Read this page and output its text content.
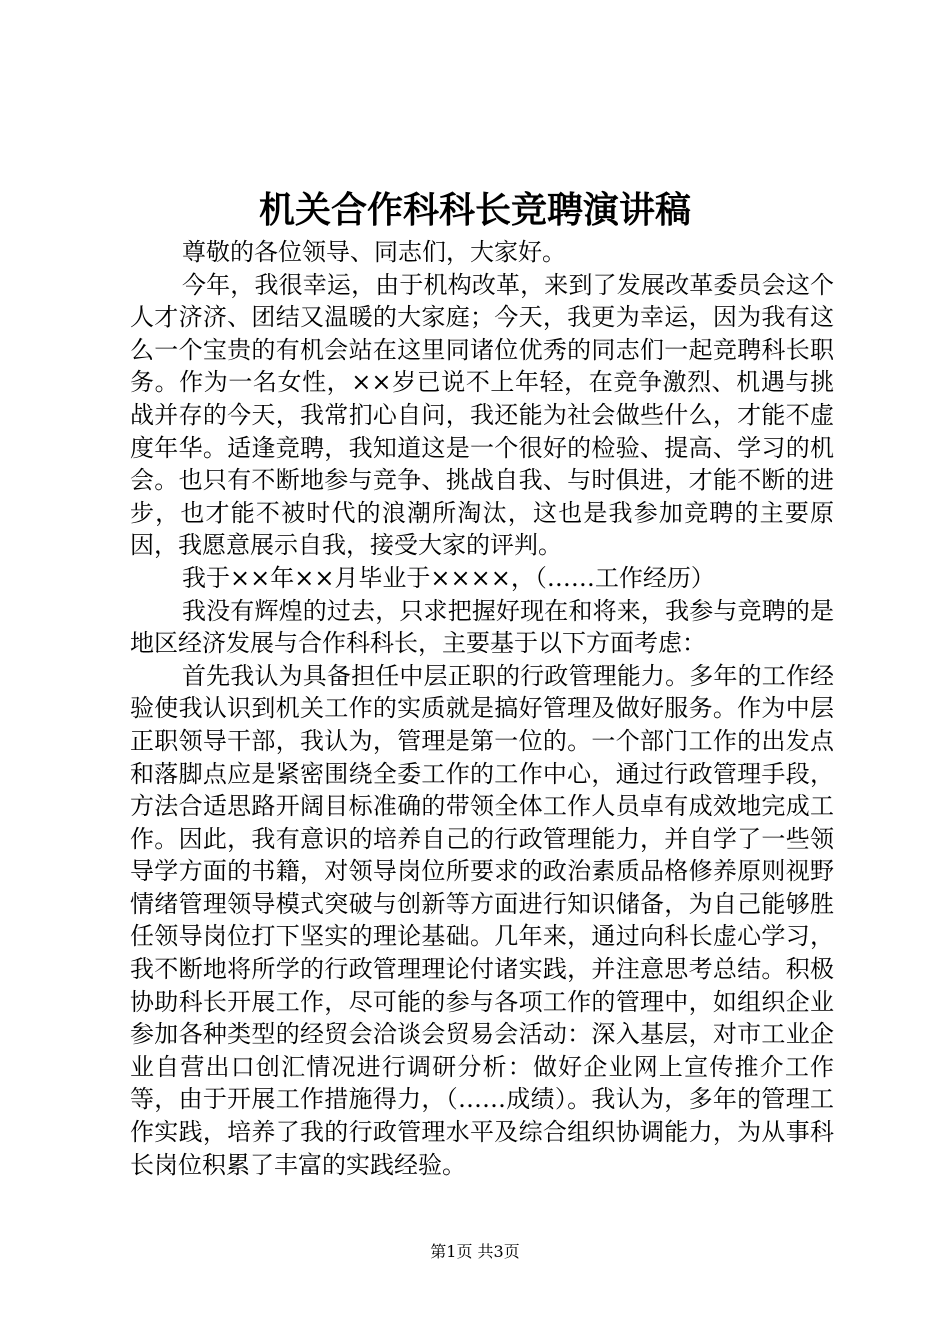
机关合作科科长竞聘演讲稿

尊敬的各位领导、同志们，大家好。

今年，我很幸运，由于机构改革，来到了发展改革委员会这个人才济济、团结又温暖的大家庭；今天，我更为幸运，因为我有这么一个宝贵的有机会站在这里同诸位优秀的同志们一起竞聘科长职务。作为一名女性，××岁已说不上年轻，在竞争激烈、机遇与挑战并存的今天，我常扪心自问，我还能为社会做些什么，才能不虚度年华。适逢竞聘，我知道这是一个很好的检验、提高、学习的机会。也只有不断地参与竞争、挑战自我、与时俱进，才能不断的进步，也才能不被时代的浪潮所淘汰，这也是我参加竞聘的主要原因，我愿意展示自我，接受大家的评判。

我于××年××月毕业于××××，（……工作经历）

我没有辉煌的过去，只求把握好现在和将来，我参与竞聘的是地区经济发展与合作科科长，主要基于以下方面考虑：

首先我认为具备担任中层正职的行政管理能力。多年的工作经验使我认识到机关工作的实质就是搞好管理及做好服务。作为中层正职领导干部，我认为，管理是第一位的。一个部门工作的出发点和落脚点应是紧密围绕全委工作的工作中心，通过行政管理手段，方法合适思路开阔目标准确的带领全体工作人员卓有成效地完成工作。因此，我有意识的培养自己的行政管理能力，并自学了一些领导学方面的书籍，对领导岗位所要求的政治素质品格修养原则视野情绪管理领导模式突破与创新等方面进行知识储备，为自己能够胜任领导岗位打下坚实的理论基础。几年来，通过向科长虚心学习，我不断地将所学的行政管理理论付诸实践，并注意思考总结。积极协助科长开展工作，尽可能的参与各项工作的管理中，如组织企业参加各种类型的经贸会洽谈会贸易会活动：深入基层，对市工业企业自营出口创汇情况进行调研分析：做好企业网上宣传推介工作等，由于开展工作措施得力，（……成绩）。我认为，多年的管理工作实践，培养了我的行政管理水平及综合组织协调能力，为从事科长岗位积累了丰富的实践经验。

第1页 共3页
